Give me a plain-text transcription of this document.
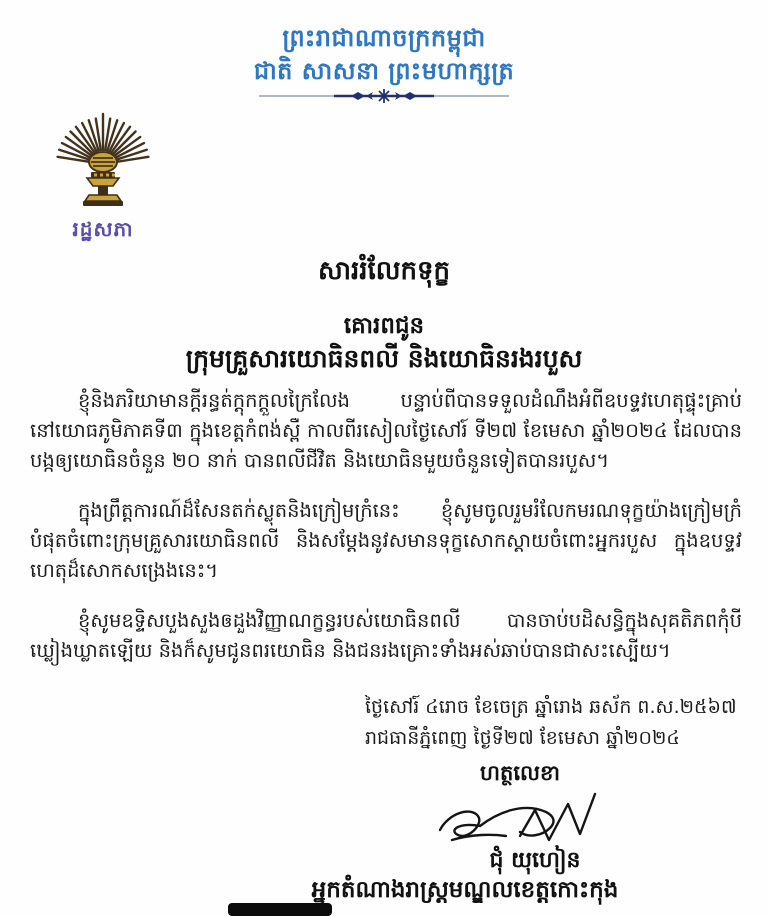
ព្រះរាជាណាចក្រកម្ពុជា
ជាតិ សាសនា ព្រះមហាក្សត្រ
រដ្ឋសភា
សាររំលែកទុក្ខ
គោរពជូន
ក្រុមគ្រួសារយោធិនពលី និងយោធិនរងរបួស

ខ្ញុំនិងភរិយាមានក្ដីរន្ធត់ក្ដុកក្ដួលក្រៃលែង បន្ទាប់ពីបានទទួលដំណឹងអំពីឧបទ្ទវហេតុផ្ទុះគ្រាប់ នៅយោធភូមិភាគទី៣ ក្នុងខេត្តកំពង់ស្ពឺ កាលពីរសៀលថ្ងៃសៅរ៍ ទី២៧ ខែមេសា ឆ្នាំ២០២៤ ដែលបានបង្កឲ្យយោធិនចំនួន ២០ នាក់ បានពលីជីវិត និងយោធិនមួយចំនួនទៀតបានរបួស។

ក្នុងព្រឹត្តការណ៍ដ៏សែនតក់ស្លុតនិងក្រៀមក្រំនេះ ខ្ញុំសូមចូលរួមរំលែកមរណទុក្ខយ៉ាងក្រៀមក្រំបំផុតចំពោះក្រុមគ្រួសារយោធិនពលី និងសម្ដែងនូវសមានទុក្ខសោកស្ដាយចំពោះអ្នករបួស ក្នុងឧបទ្ទវហេតុដ៏សោកសង្រេងនេះ។

ខ្ញុំសូមឧទ្ទិសបួងសួងឲដួងវិញ្ញាណក្ខន្ធរបស់យោធិនពលី បានចាប់បដិសន្ធិក្នុងសុគតិភពកុំបីឃ្លៀងឃ្លាតឡើយ និងក៏សូមជូនពរយោធិន និងជនរងគ្រោះទាំងអស់ឆាប់បានជាសះស្បើយ។

ថ្ងៃសៅរ៍ ៤រោច ខែចេត្រ ឆ្នាំរោង ឆស័ក ព.ស.២៥៦៧
រាជធានីភ្នំពេញ ថ្ងៃទី២៧ ខែមេសា ឆ្នាំ២០២៤
ហត្ថលេខា
ជុំ យុហៀន
អ្នកតំណាងរាស្ត្រមណ្ឌលខេត្តកោះកុង
